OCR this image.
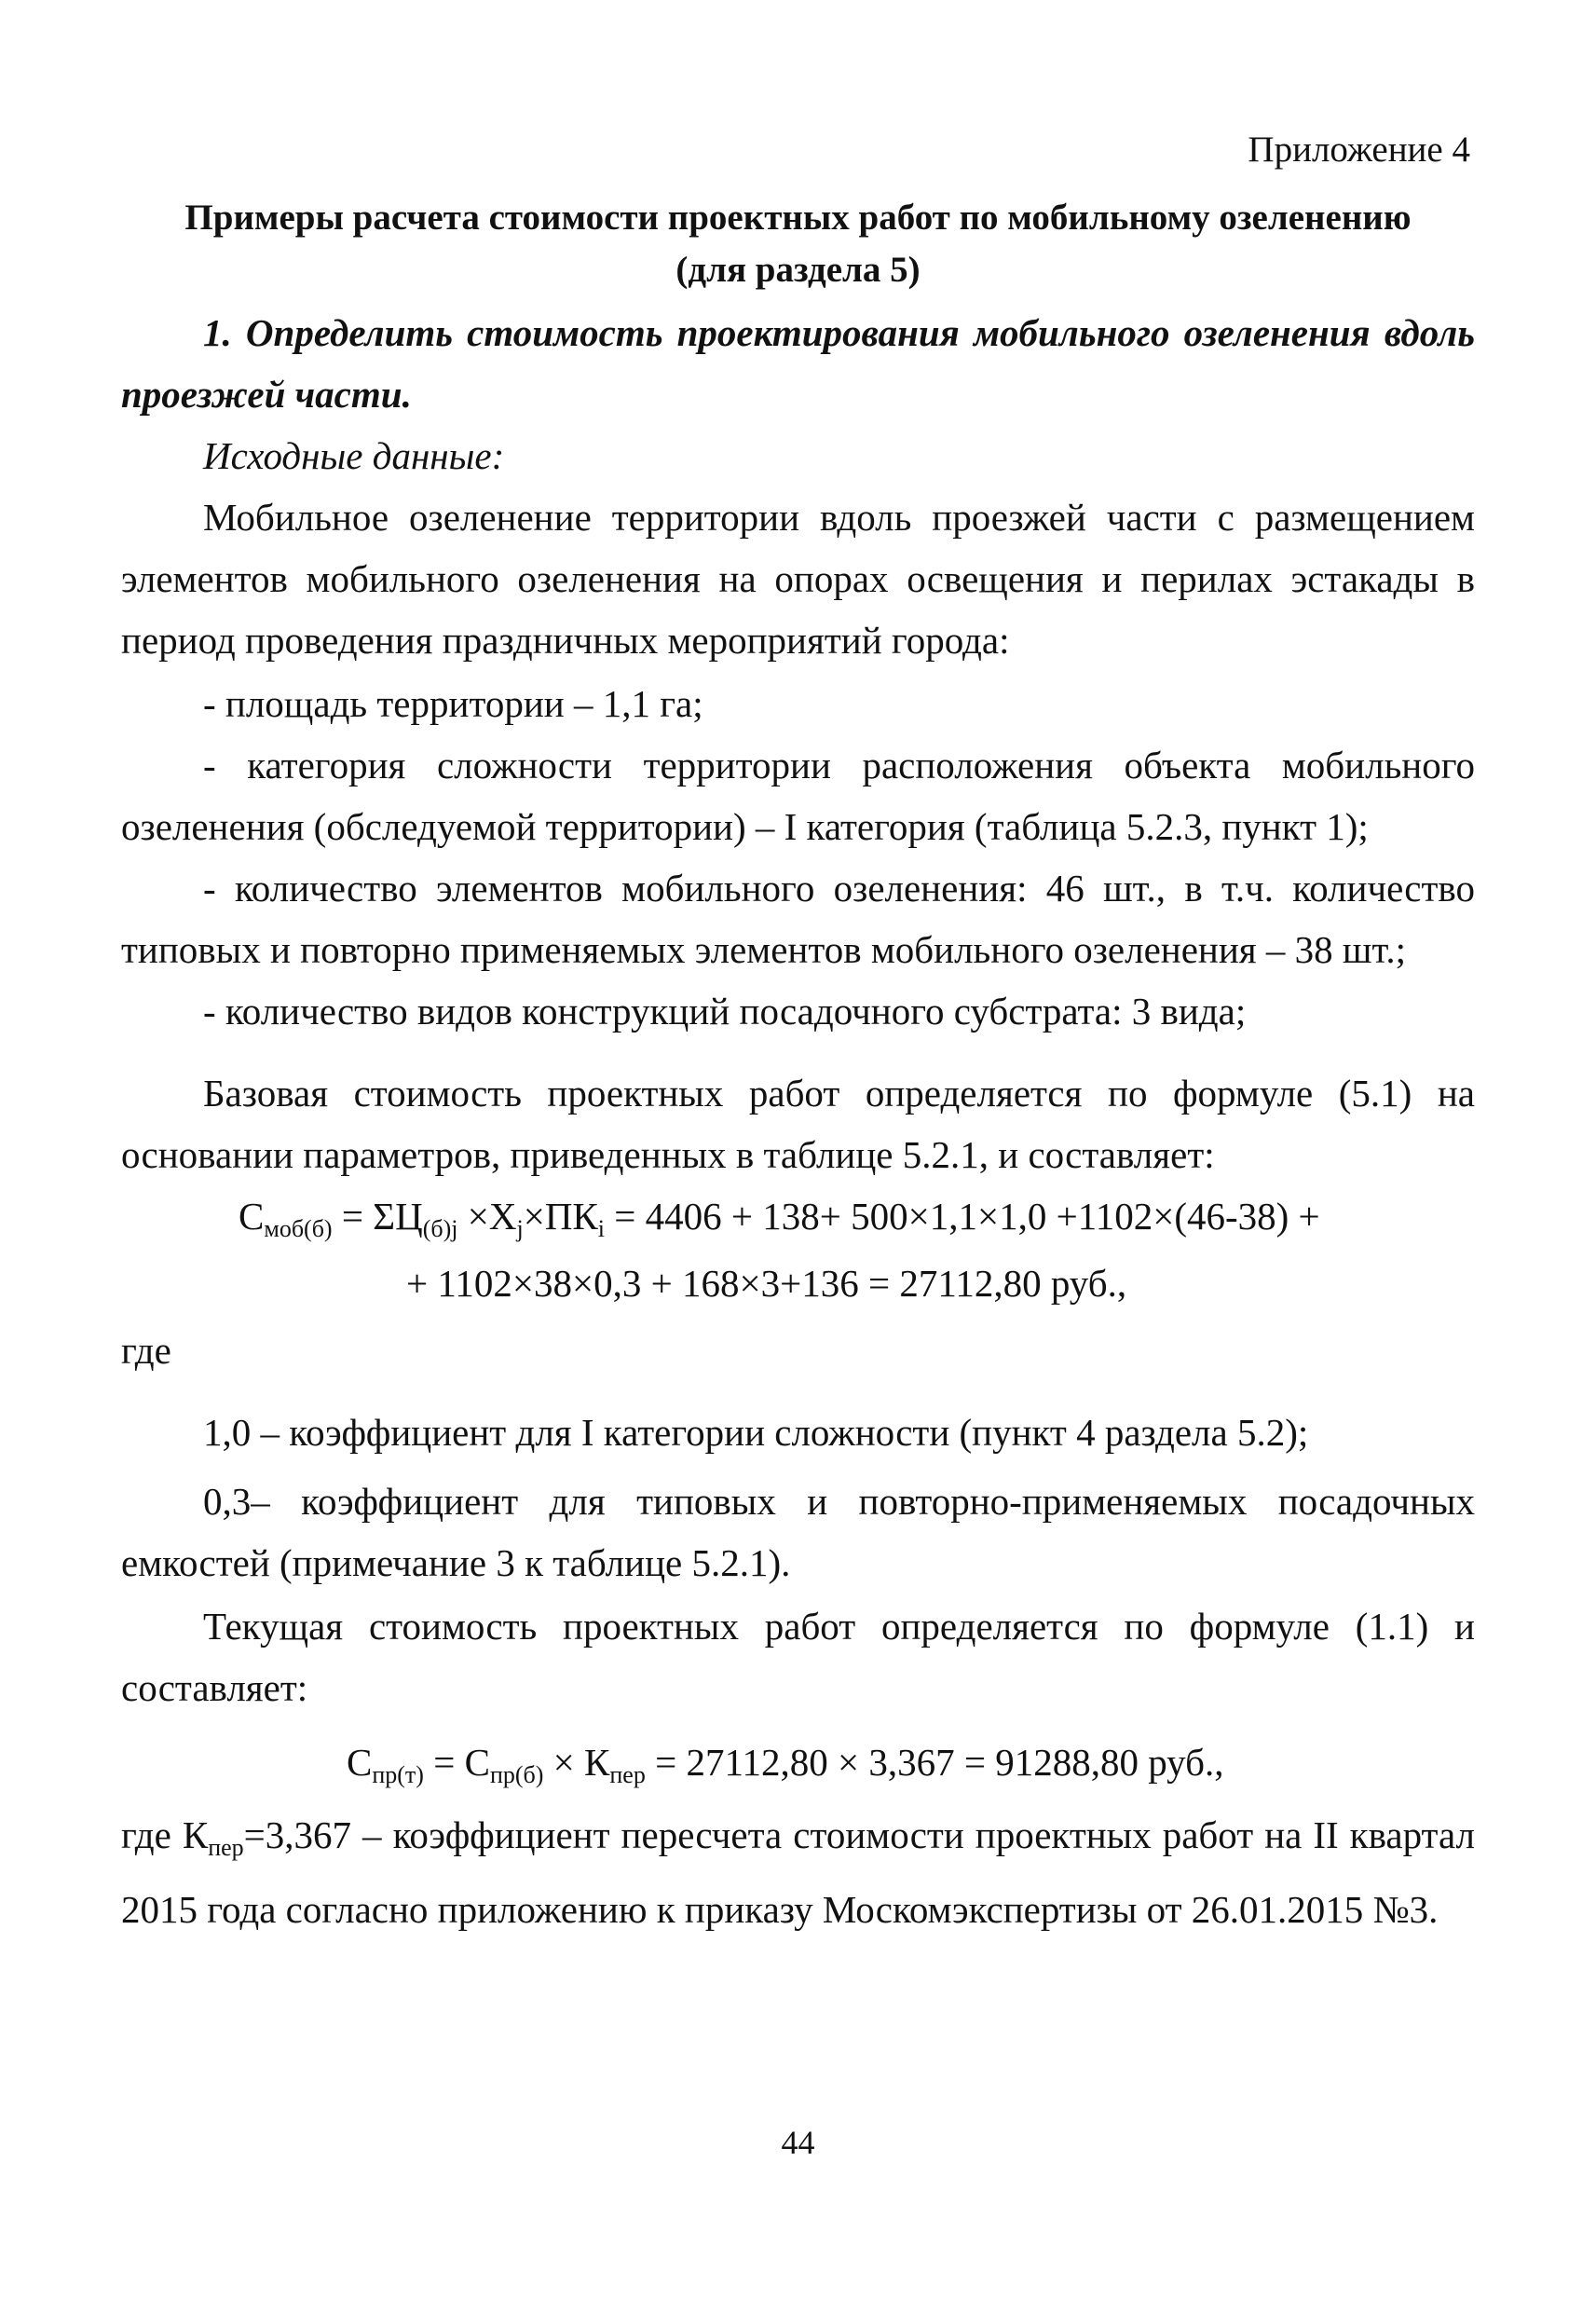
Приложение 4
Примеры расчета стоимости проектных работ по мобильному озеленению
(для раздела 5)
1. Определить стоимость проектирования мобильного озеленения вдоль проезжей части.
Исходные данные:
Мобильное озеленение территории вдоль проезжей части с размещением элементов мобильного озеленения на опорах освещения и перилах эстакады в период проведения праздничных мероприятий города:
- площадь территории – 1,1 га;
- категория сложности территории расположения объекта мобильного озеленения (обследуемой территории) – I категория (таблица 5.2.3, пункт 1);
- количество элементов мобильного озеленения: 46 шт., в т.ч. количество типовых и повторно применяемых элементов мобильного озеленения – 38 шт.;
- количество видов конструкций посадочного субстрата: 3 вида;
Базовая стоимость проектных работ определяется по формуле (5.1) на основании параметров, приведенных в таблице 5.2.1, и составляет:
$С_{моб(б)} = \Sigma Ц_{(б)j} \times Х_j\times ПК_i = 4406 + 138+ 500\times 1,1\times 1,0 +1102\times(46-38)$ +
+ 1102×38×0,3 + 168×3+136 = 27112,80 руб.,
где
1,0 – коэффициент для I категории сложности (пункт 4 раздела 5.2);
0,3– коэффициент для типовых и повторно-применяемых посадочных емкостей (примечание 3 к таблице 5.2.1).
Текущая стоимость проектных работ определяется по формуле (1.1) и составляет:
$С_{пр(т)} = С_{пр(б)} \times К_{пер} = 27112,80 \times 3,367 = 91288,80$ руб.,
где $К_{пер}=3,367$ – коэффициент пересчета стоимости проектных работ на II квартал 2015 года согласно приложению к приказу Москомэкспертизы от 26.01.2015 №3.
44
